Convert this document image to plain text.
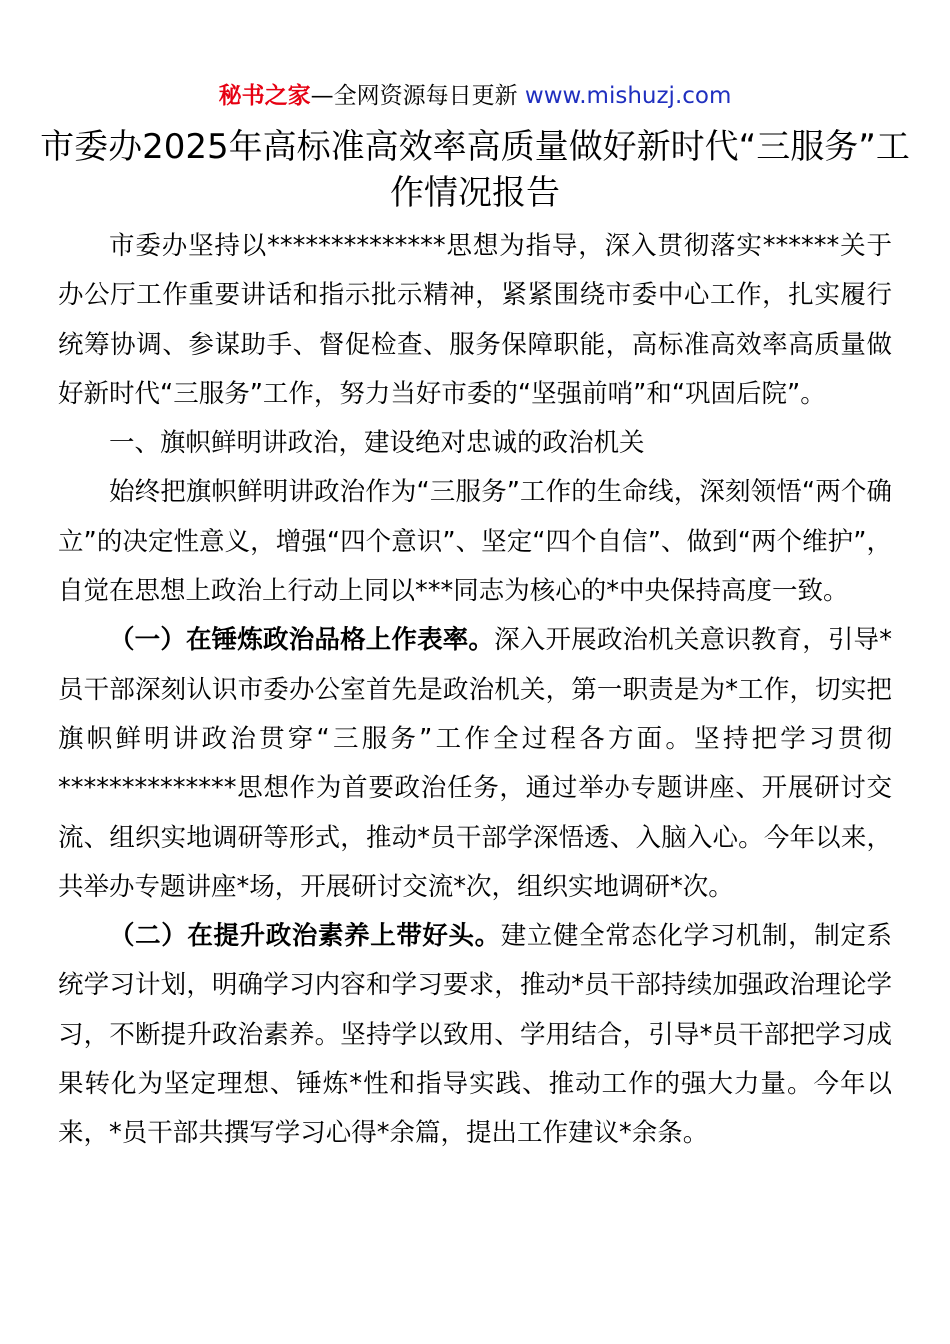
秘书之家—全网资源每日更新 www.mishuzj.com
市委办2025年高标准高效率高质量做好新时代“三服务”工作情况报告

市委办坚持以**************思想为指导，深入贯彻落实******关于办公厅工作重要讲话和指示批示精神，紧紧围绕市委中心工作，扎实履行统筹协调、参谋助手、督促检查、服务保障职能，高标准高效率高质量做好新时代“三服务”工作，努力当好市委的“坚强前哨”和“巩固后院”。

一、旗帜鲜明讲政治，建设绝对忠诚的政治机关

始终把旗帜鲜明讲政治作为“三服务”工作的生命线，深刻领悟“两个确立”的决定性意义，增强“四个意识”、坚定“四个自信”、做到“两个维护”，自觉在思想上政治上行动上同以***同志为核心的*中央保持高度一致。

（一）在锤炼政治品格上作表率。深入开展政治机关意识教育，引导*员干部深刻认识市委办公室首先是政治机关，第一职责是为*工作，切实把旗帜鲜明讲政治贯穿“三服务”工作全过程各方面。坚持把学习贯彻**************思想作为首要政治任务，通过举办专题讲座、开展研讨交流、组织实地调研等形式，推动*员干部学深悟透、入脑入心。今年以来，共举办专题讲座*场，开展研讨交流*次，组织实地调研*次。

（二）在提升政治素养上带好头。建立健全常态化学习机制，制定系统学习计划，明确学习内容和学习要求，推动*员干部持续加强政治理论学习，不断提升政治素养。坚持学以致用、学用结合，引导*员干部把学习成果转化为坚定理想、锤炼*性和指导实践、推动工作的强大力量。今年以来，*员干部共撰写学习心得*余篇，提出工作建议*余条。
